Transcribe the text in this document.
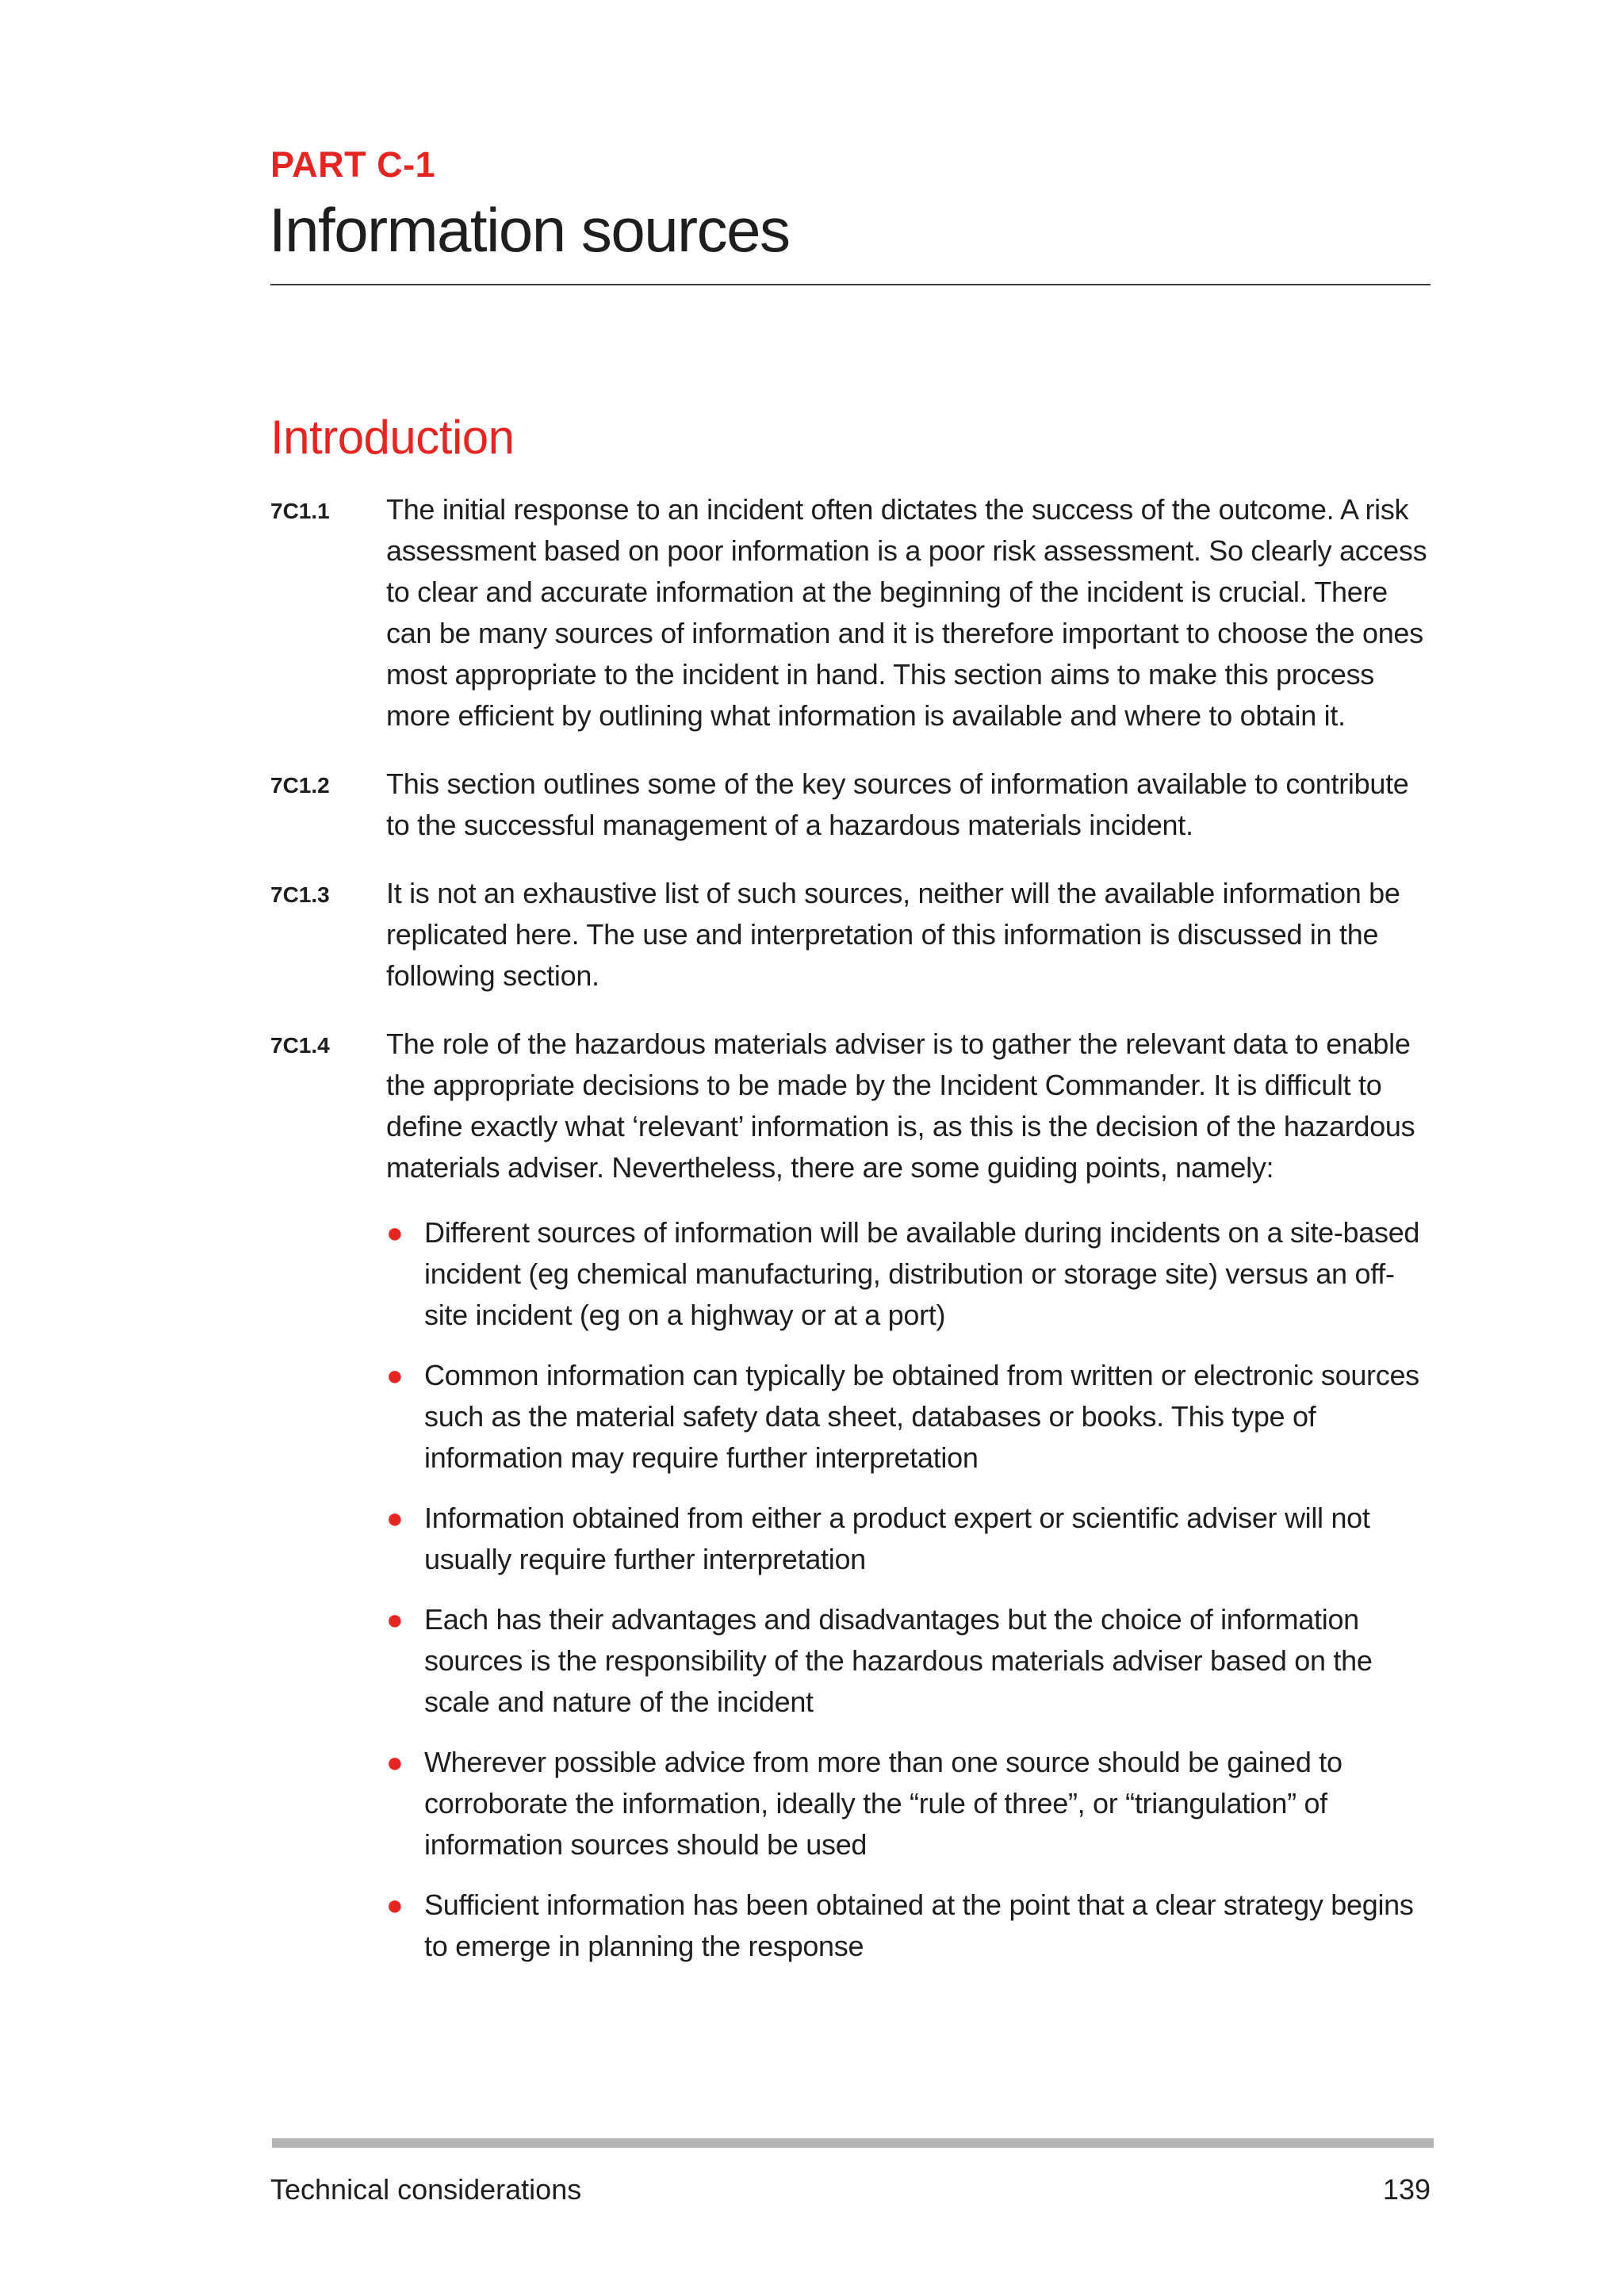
PART C-1
Information sources
Introduction
7C1.1	The initial response to an incident often dictates the success of the outcome. A risk assessment based on poor information is a poor risk assessment. So clearly access to clear and accurate information at the beginning of the incident is crucial. There can be many sources of information and it is therefore important to choose the ones most appropriate to the incident in hand. This section aims to make this process more efficient by outlining what information is available and where to obtain it.
7C1.2	This section outlines some of the key sources of information available to contribute to the successful management of a hazardous materials incident.
7C1.3	It is not an exhaustive list of such sources, neither will the available information be replicated here. The use and interpretation of this information is discussed in the following section.
7C1.4	The role of the hazardous materials adviser is to gather the relevant data to enable the appropriate decisions to be made by the Incident Commander. It is difficult to define exactly what ‘relevant’ information is, as this is the decision of the hazardous materials adviser. Nevertheless, there are some guiding points, namely:
● Different sources of information will be available during incidents on a site-based incident (eg chemical manufacturing, distribution or storage site) versus an off-site incident (eg on a highway or at a port)
● Common information can typically be obtained from written or electronic sources such as the material safety data sheet, databases or books. This type of information may require further interpretation
● Information obtained from either a product expert or scientific adviser will not usually require further interpretation
● Each has their advantages and disadvantages but the choice of information sources is the responsibility of the hazardous materials adviser based on the scale and nature of the incident
● Wherever possible advice from more than one source should be gained to corroborate the information, ideally the “rule of three”, or “triangulation” of information sources should be used
● Sufficient information has been obtained at the point that a clear strategy begins to emerge in planning the response
Technical considerations	139
